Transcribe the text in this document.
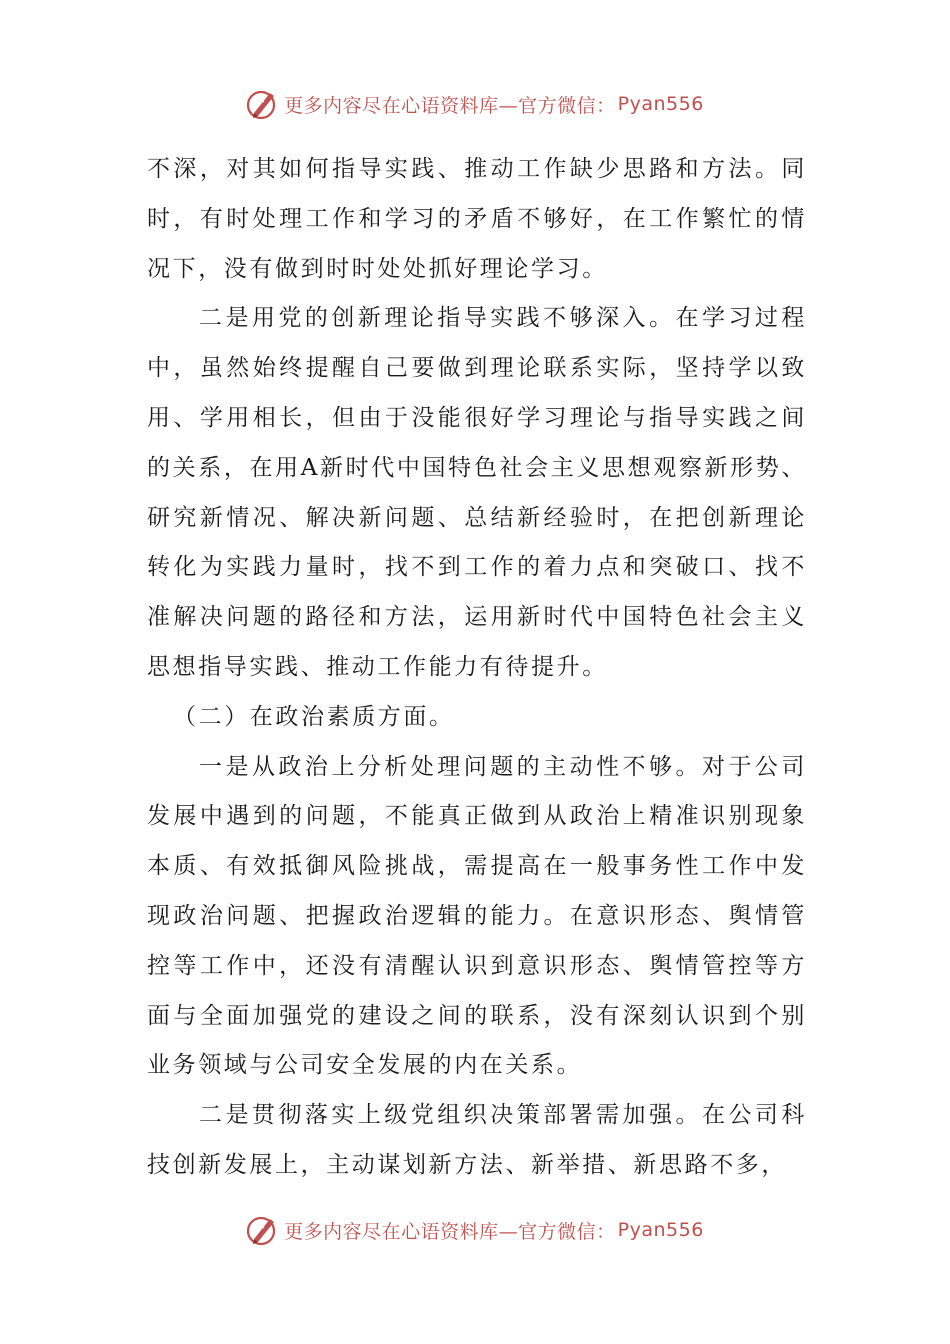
更多内容尽在心语资料库—官方微信： Pyan556

不深，对其如何指导实践、推动工作缺少思路和方法。同时，有时处理工作和学习的矛盾不够好，在工作繁忙的情况下，没有做到时时处处抓好理论学习。

二是用党的创新理论指导实践不够深入。在学习过程中，虽然始终提醒自己要做到理论联系实际，坚持学以致用、学用相长，但由于没能很好学习理论与指导实践之间的关系，在用A新时代中国特色社会主义思想观察新形势、研究新情况、解决新问题、总结新经验时，在把创新理论转化为实践力量时，找不到工作的着力点和突破口、找不准解决问题的路径和方法，运用新时代中国特色社会主义思想指导实践、推动工作能力有待提升。

（二）在政治素质方面。

一是从政治上分析处理问题的主动性不够。对于公司发展中遇到的问题，不能真正做到从政治上精准识别现象本质、有效抵御风险挑战，需提高在一般事务性工作中发现政治问题、把握政治逻辑的能力。在意识形态、舆情管控等工作中，还没有清醒认识到意识形态、舆情管控等方面与全面加强党的建设之间的联系，没有深刻认识到个别业务领域与公司安全发展的内在关系。

二是贯彻落实上级党组织决策部署需加强。在公司科技创新发展上，主动谋划新方法、新举措、新思路不多，

更多内容尽在心语资料库—官方微信： Pyan556
